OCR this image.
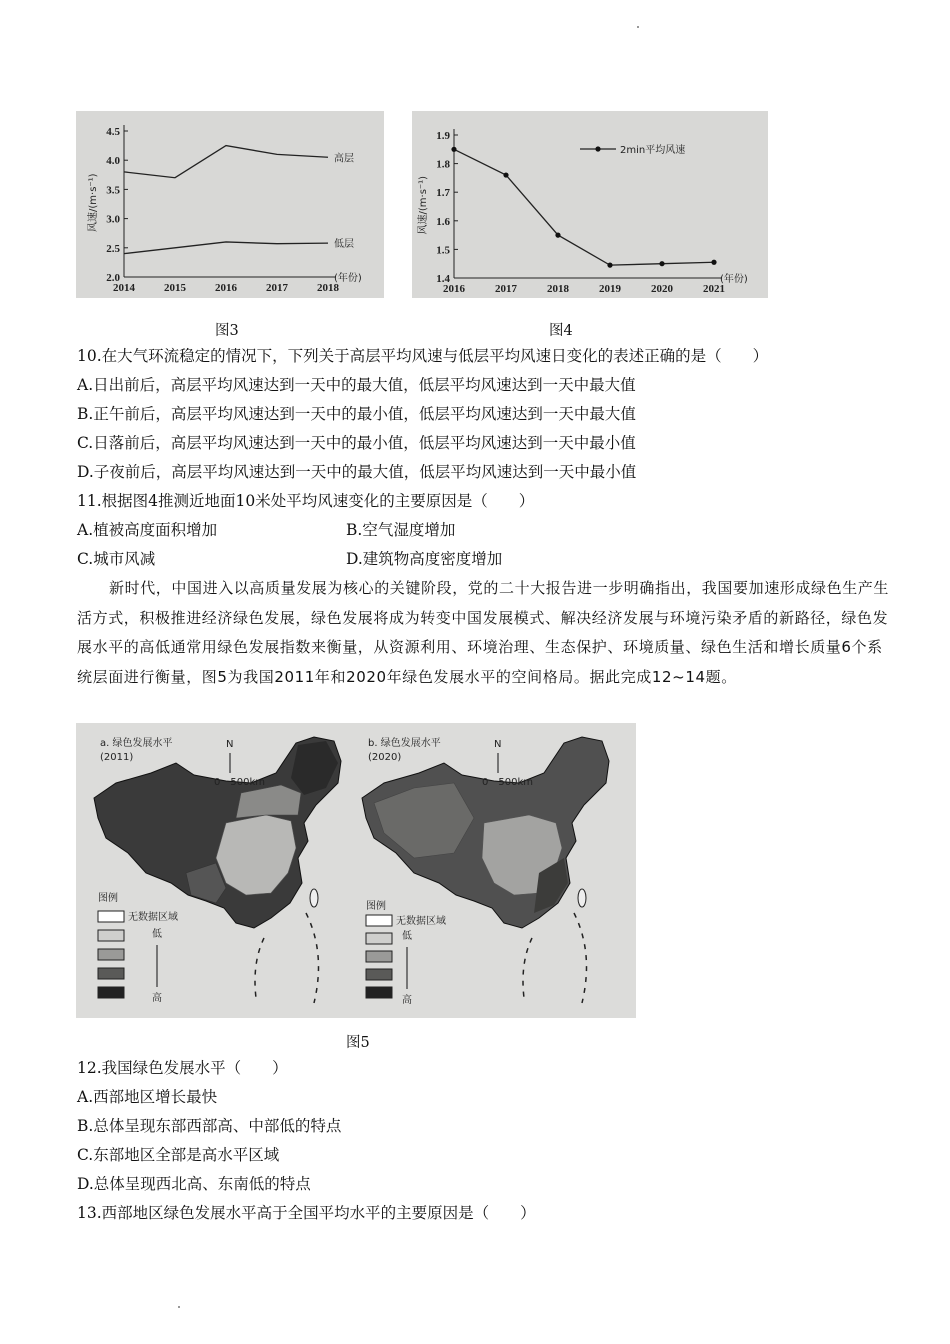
2.0
2.5
3.0
3.5
4.0
4.5
2014	2015	2016	2017	2018
(年份)
风速/(m·s⁻¹)
高层
低层
图3
1.4
1.5
1.6
1.7
1.8
1.9
2016	2017	2018	2019	2020	2021
(年份)
风速/(m·s⁻¹)
2min平均风速
图4
10.在大气环流稳定的情况下，下列关于高层平均风速与低层平均风速日变化的表述正确的是（　　）
A.日出前后，高层平均风速达到一天中的最大值，低层平均风速达到一天中最大值
B.正午前后，高层平均风速达到一天中的最小值，低层平均风速达到一天中最大值
C.日落前后，高层平均风速达到一天中的最小值，低层平均风速达到一天中最小值
D.子夜前后，高层平均风速达到一天中的最大值，低层平均风速达到一天中最小值
11.根据图4推测近地面10米处平均风速变化的主要原因是（　　）
A.植被高度面积增加	B.空气湿度增加
C.城市风减	D.建筑物高度密度增加
新时代，中国进入以高质量发展为核心的关键阶段，党的二十大报告进一步明确指出，我国要加速形成绿色生产生活方式，积极推进经济绿色发展，绿色发展将成为转变中国发展模式、解决经济发展与环境污染矛盾的新路径，绿色发展水平的高低通常用绿色发展指数来衡量，从资源利用、环境治理、生态保护、环境质量、绿色生活和增长质量6个系统层面进行衡量，图5为我国2011年和2020年绿色发展水平的空间格局。据此完成12~14题。
a. 绿色发展水平
(2011)
N
0　500km
图例
无数据区域
低
高
b. 绿色发展水平
(2020)
N
0　500km
图例
无数据区域
低
高
图5
12.我国绿色发展水平（　　）
A.西部地区增长最快
B.总体呈现东部西部高、中部低的特点
C.东部地区全部是高水平区域
D.总体呈现西北高、东南低的特点
13.西部地区绿色发展水平高于全国平均水平的主要原因是（　　）
